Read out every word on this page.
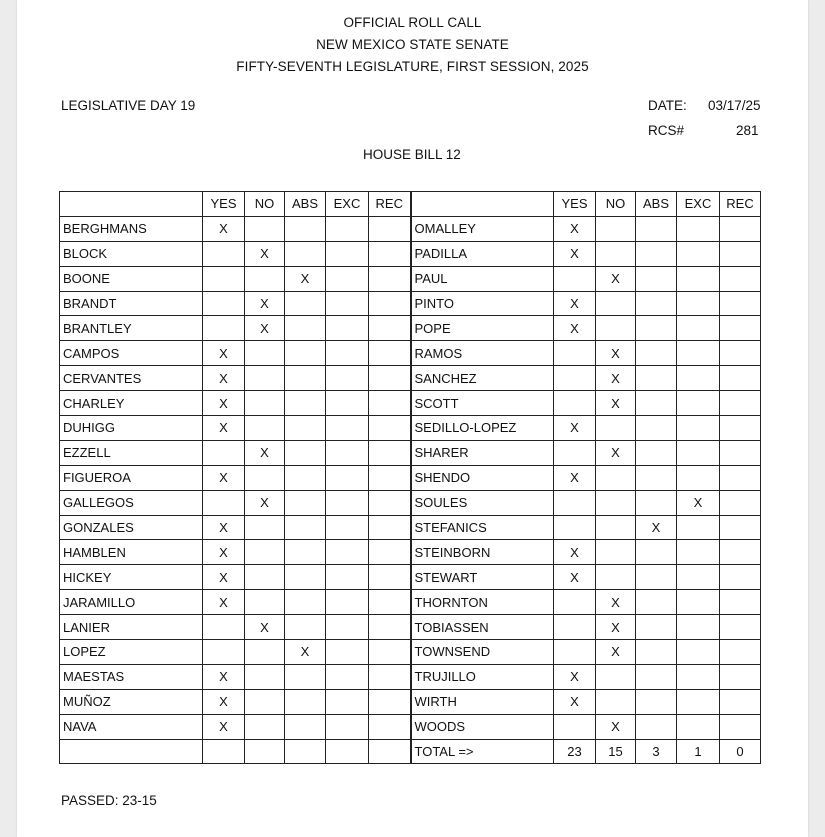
OFFICIAL ROLL CALL
NEW MEXICO STATE SENATE
FIFTY-SEVENTH LEGISLATURE, FIRST SESSION, 2025
LEGISLATIVE DAY 19	DATE: 03/17/25
RCS#	281
HOUSE BILL 12
	YES	NO	ABS	EXC	REC		YES	NO	ABS	EXC	REC
BERGHMANS	X					OMALLEY	X				
BLOCK		X				PADILLA	X				
BOONE			X			PAUL		X			
BRANDT		X				PINTO	X				
BRANTLEY		X				POPE	X				
CAMPOS	X					RAMOS		X			
CERVANTES	X					SANCHEZ		X			
CHARLEY	X					SCOTT		X			
DUHIGG	X					SEDILLO-LOPEZ	X				
EZZELL		X				SHARER		X			
FIGUEROA	X					SHENDO	X				
GALLEGOS		X				SOULES				X	
GONZALES	X					STEFANICS			X		
HAMBLEN	X					STEINBORN	X				
HICKEY	X					STEWART	X				
JARAMILLO	X					THORNTON		X			
LANIER		X				TOBIASSEN		X			
LOPEZ			X			TOWNSEND		X			
MAESTAS	X					TRUJILLO	X				
MUÑOZ	X					WIRTH	X				
NAVA	X					WOODS		X			
						TOTAL =>	23	15	3	1	0
PASSED: 23-15
